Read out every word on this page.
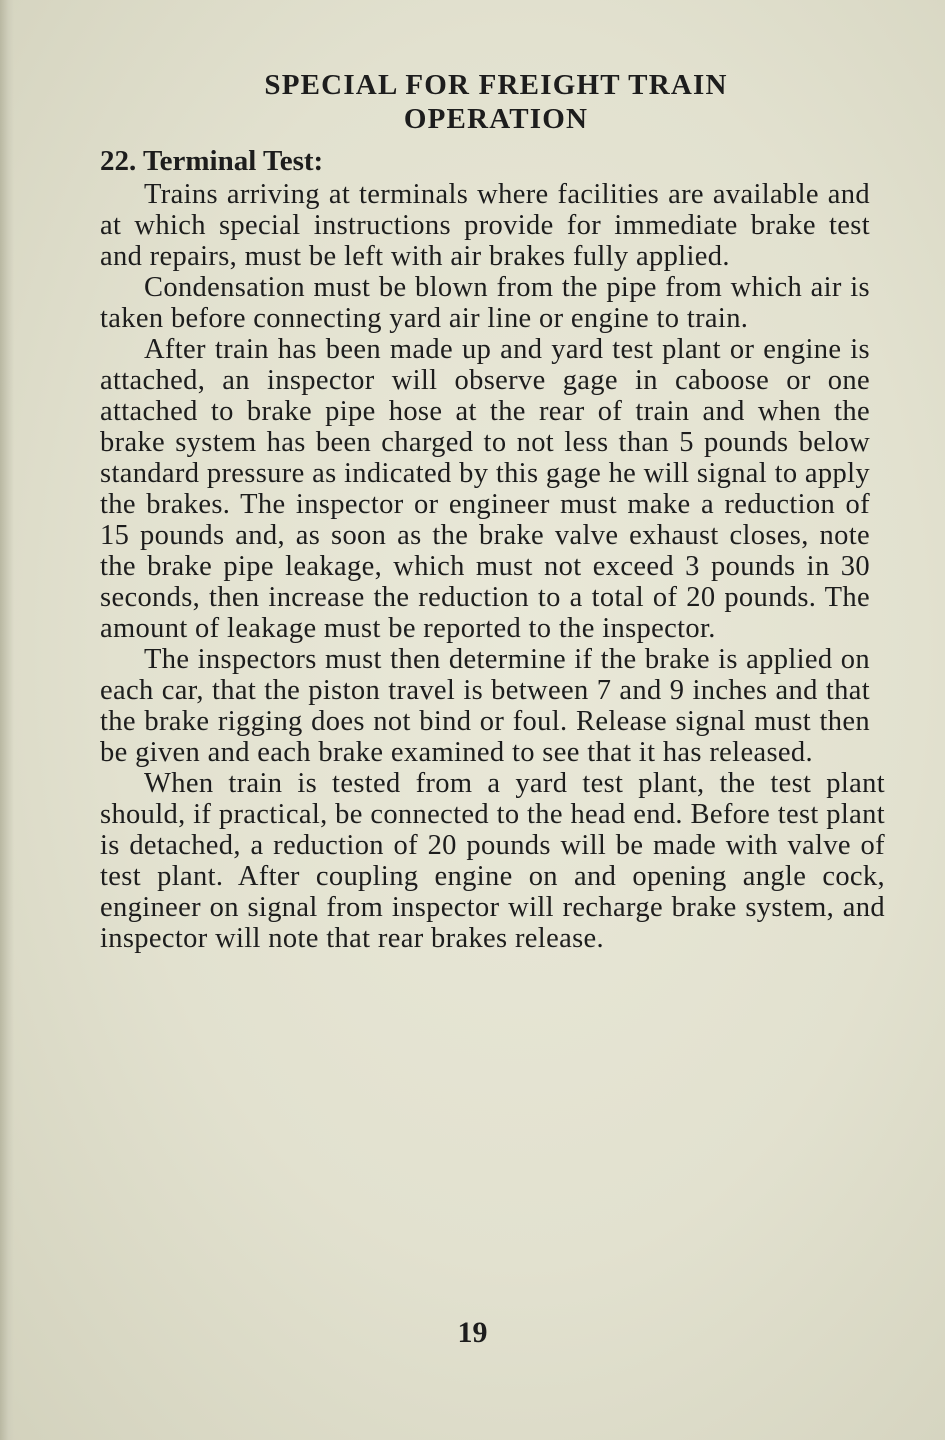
SPECIAL FOR FREIGHT TRAIN
OPERATION
22. Terminal Test:

Trains arriving at terminals where facilities are available and at which special instructions provide for immediate brake test and repairs, must be left with air brakes fully applied.

Condensation must be blown from the pipe from which air is taken before connecting yard air line or engine to train.

After train has been made up and yard test plant or engine is attached, an inspector will observe gage in caboose or one attached to brake pipe hose at the rear of train and when the brake system has been charged to not less than 5 pounds below standard pressure as indicated by this gage he will signal to apply the brakes. The inspector or engineer must make a reduction of 15 pounds and, as soon as the brake valve exhaust closes, note the brake pipe leakage, which must not exceed 3 pounds in 30 seconds, then increase the reduction to a total of 20 pounds. The amount of leakage must be reported to the inspector.

The inspectors must then determine if the brake is applied on each car, that the piston travel is between 7 and 9 inches and that the brake rigging does not bind or foul. Release signal must then be given and each brake examined to see that it has released.

When train is tested from a yard test plant, the test plant should, if practical, be connected to the head end. Before test plant is detached, a reduction of 20 pounds will be made with valve of test plant. After coupling engine on and opening angle cock, engineer on signal from inspector will recharge brake system, and inspector will note that rear brakes release.

19
